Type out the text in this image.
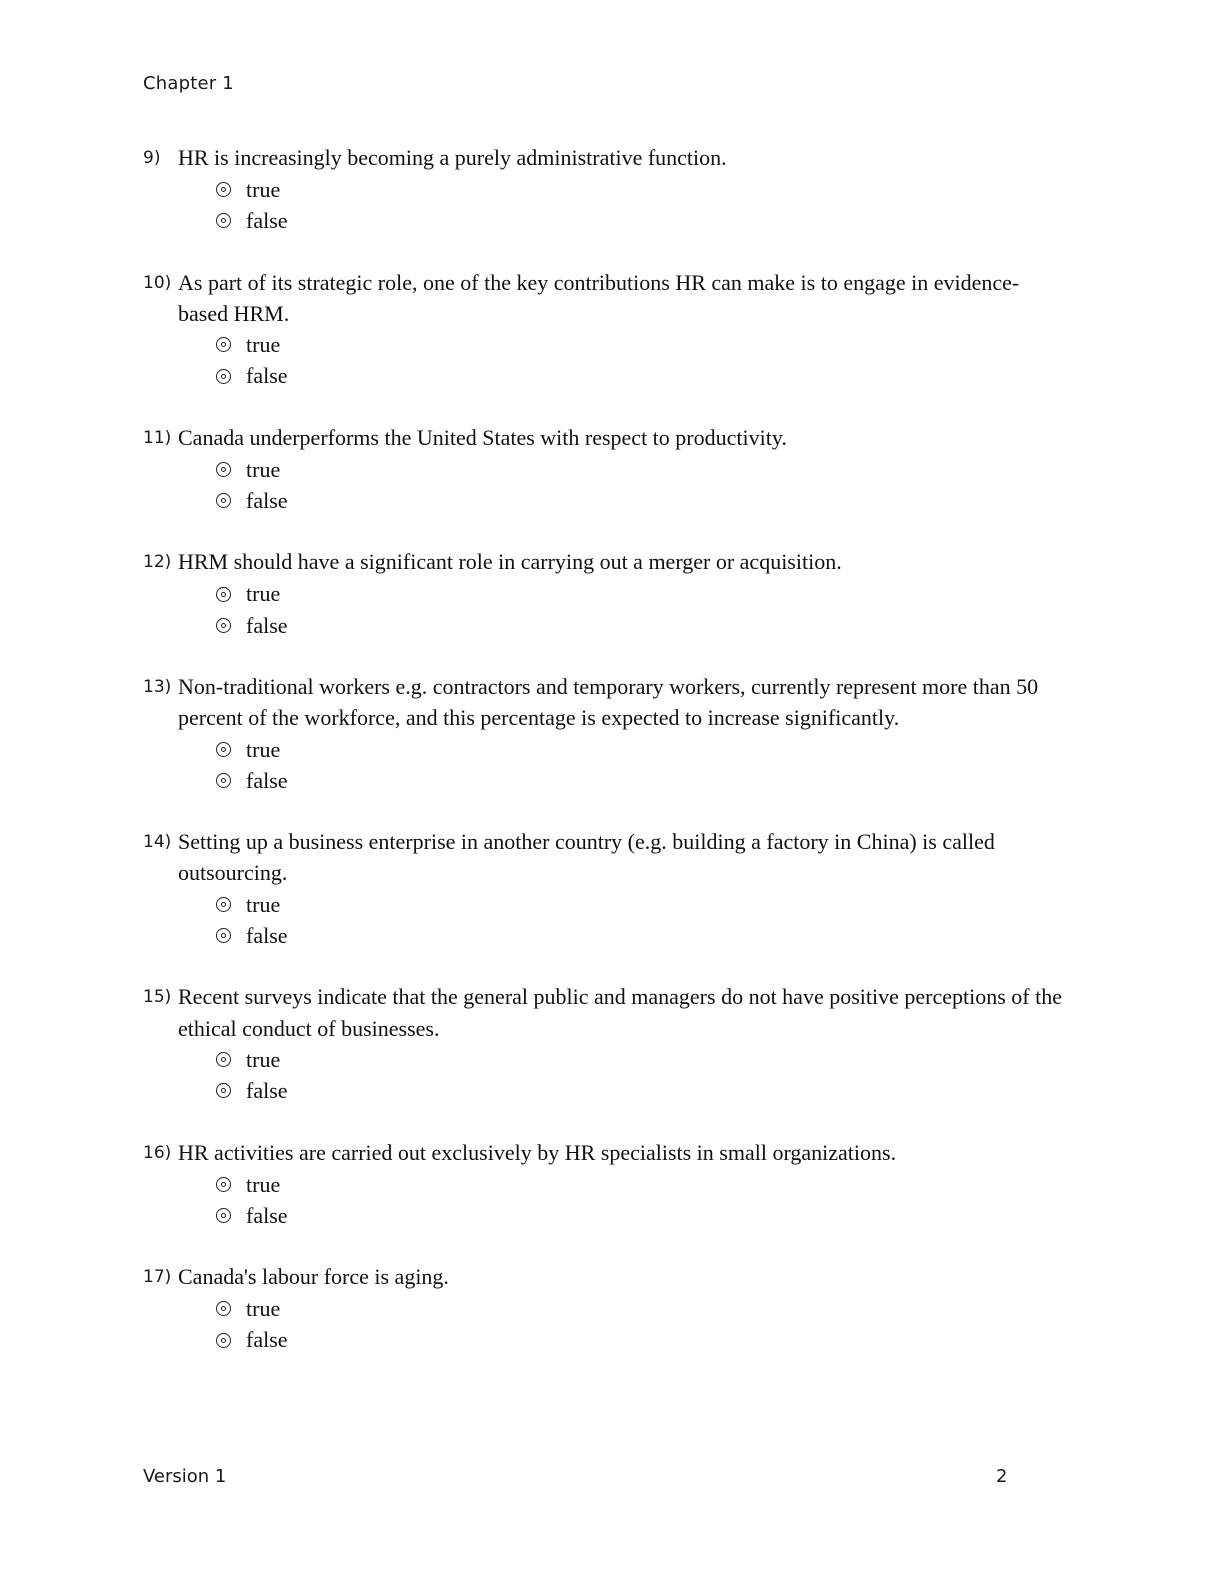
Chapter 1
9) HR is increasingly becoming a purely administrative function.
true
false
10) As part of its strategic role, one of the key contributions HR can make is to engage in evidence-based HRM.
true
false
11) Canada underperforms the United States with respect to productivity.
true
false
12) HRM should have a significant role in carrying out a merger or acquisition.
true
false
13) Non-traditional workers e.g. contractors and temporary workers, currently represent more than 50 percent of the workforce, and this percentage is expected to increase significantly.
true
false
14) Setting up a business enterprise in another country (e.g. building a factory in China) is called outsourcing.
true
false
15) Recent surveys indicate that the general public and managers do not have positive perceptions of the ethical conduct of businesses.
true
false
16) HR activities are carried out exclusively by HR specialists in small organizations.
true
false
17) Canada's labour force is aging.
true
false
Version 1	2
